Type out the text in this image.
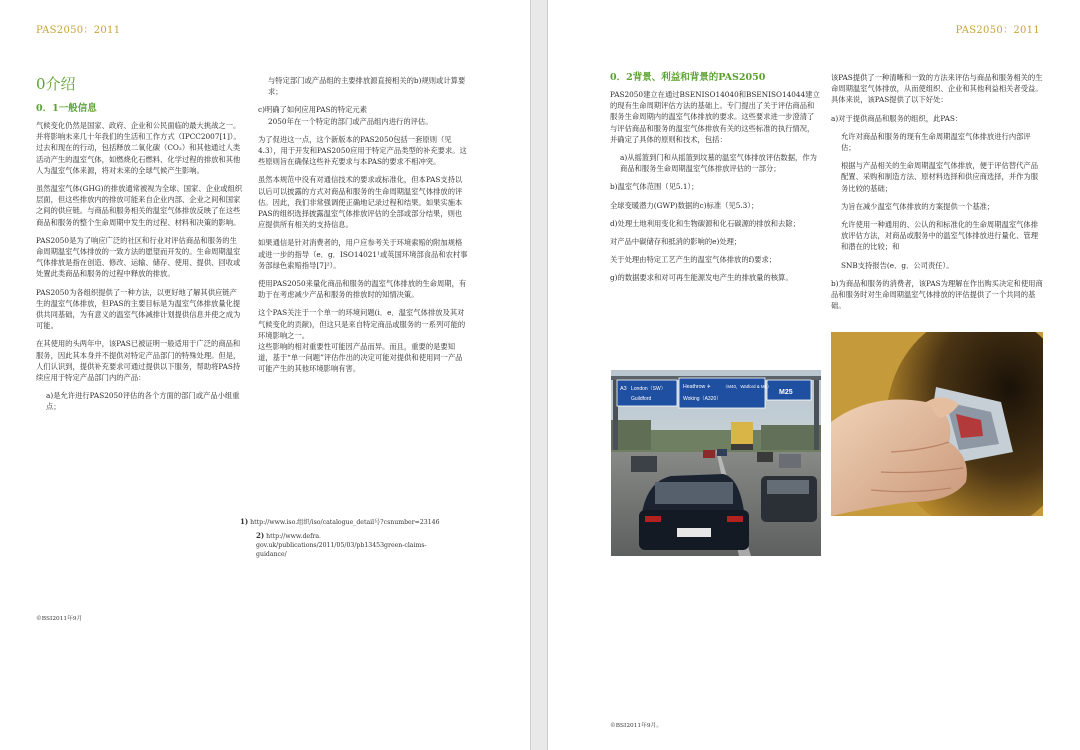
PAS2050：2011
0介绍
0．1一般信息

气候变化仍然是国家、政府、企业和公民面临的最大挑战之一。并将影响未来几十年我们的生活和工作方式（IPCC2007[1]）。过去和现在的行动，包括释放二氧化碳（CO₂）和其他通过人类活动产生的温室气体，如燃烧化石燃料、化学过程的排放和其他人为温室气体来源，将对未来的全球气候产生影响。

虽然温室气体(GHG)的排放通常被视为全球、国家、企业或组织层面，但这些排放内的排放可能来自企业内部、企业之间和国家之间的供应链。与商品和服务相关的温室气体排放反映了在这些商品和服务的整个生命周期中发生的过程、材料和决策的影响。

PAS2050是为了响应广泛的社区和行业对评估商品和服务的生命周期温室气体排放的一致方法的愿望而开发的。生命周期温室气体排放是指在创造、修改、运输、储存、使用、提供、回收或处置此类商品和服务的过程中释放的排放。

PAS2050为各组织提供了一种方法，以更好地了解其供应链产生的温室气体排放，但PAS的主要目标是为温室气体排放量化提供共同基础，为有意义的温室气体减排计划提供信息并使之成为可能。

在其使用的头两年中，该PAS已被证明一般适用于广泛的商品和服务，因此其本身并不提供对特定产品部门的特殊处理。但是，人们认识到，提供补充要求可通过提供以下服务，帮助将PAS持续应用于特定产品部门内的产品：

a)是允许进行PAS2050评估的各个方面的部门或产品小组重点；

与特定部门或产品组的主要排放源直接相关的b)规则或计算要求；

c)明确了如何应用PAS的特定元素

2050年在一个特定的部门或产品组内进行的评估。

为了促进这一点，这个新版本的PAS2050包括一套原则（见4.3），用于开发和PAS2050应用于特定产品类型的补充要求。这些原则旨在确保这些补充要求与本PAS的要求不相冲突。

虽然本规范中没有对通信技术的要求或标准化，但本PAS支持以以后可以披露的方式对商品和服务的生命周期温室气体排放的评估。因此，我们非常强调使正确地记录过程和结果。如果实施本PAS的组织选择披露温室气体排放评估的全部或部分结果，则也应提供所有相关的支持信息。

如果通信是针对消费者的，用户应参考关于环境索赔的附加规格或进一步的指导（e．g．ISO14021¹或英国环境部食品和农村事务部绿色索赔指导[7]²）。

使用PAS2050来量化商品和服务的温室气体排放的生命周期，有助于在考虑减少产品和服务的排放时的知情决策。

这个PAS关注于一个单一的环境问题(i．e．温室气体排放及其对气候变化的贡献)，但这只是来自特定商品或服务的一系列可能的环境影响之一。

这些影响的相对重要性可能因产品而异。而且，重要的是要知道，基于“单一问题”评估作出的决定可能对提供和使用同一产品可能产生的其他环境影响有害。

1) http://www.iso.组织/iso/catalogue_detail号?csnumber=23146
2) http://www.defra．gov.uk/publications/2011/05/03/pb13453green-claims-guidance/
©BSI2011年9月
PAS2050：2011
0．2背景、利益和背景的PAS2050

PAS2050建立在通过BSENISO14040和BSENISO14044建立的现有生命周期评估方法的基础上。专门提出了关于评估商品和服务生命周期内的温室气体排放的要求。这些要求进一步澄清了与评估商品和服务的温室气体排放有关的这些标准的执行情况，并确定了具体的原则和技术，包括：

a)从摇篮到门和从摇篮到坟墓的温室气体排放评估数据，作为商品和服务生命周期温室气体排放评估的一部分；

b)温室气体范围（见5.1）；

全球变暖潜力(GWP)数据的c)标准（见5.3）；

d)处理土地利用变化和生物碳源和化石碳源的排放和去除；

对产品中碳储存和抵消的影响的e)处理；

关于处理由特定工艺产生的温室气体排放的f)要求；

g)的数据要求和对可再生能源发电产生的排放量的核算。

该PAS提供了一种清晰和一致的方法来评估与商品和服务相关的生命周期温室气体排放，从而使组织、企业和其他利益相关者受益。具体来说，该PAS提供了以下好处：

a)对于提供商品和服务的组织，此PAS：

允许对商品和服务的现有生命周期温室气体排放进行内部评估；

根据与产品相关的生命周期温室气体排放，便于评估替代产品配置、采购和制造方法、原材料选择和供应商选择，并作为服务比较的基础；

为旨在减少温室气体排放的方案提供一个基准；

允许使用一种通用的、公认的和标准化的生命周期温室气体排放评估方法，对商品或服务中的温室气体排放进行量化、管理和潜在的比较；和

SNB支持报告(e．g．公司责任）。

b)为商品和服务的消费者，该PAS为理解在作出购买决定和使用商品和服务时对生命周期温室气体排放的评估提供了一个共同的基础。

A3 London（SW）
Guildford
Heathrow ✈
Woking（A320）
（M40，Watford & M1）
M25
©BSI2011年9月。
